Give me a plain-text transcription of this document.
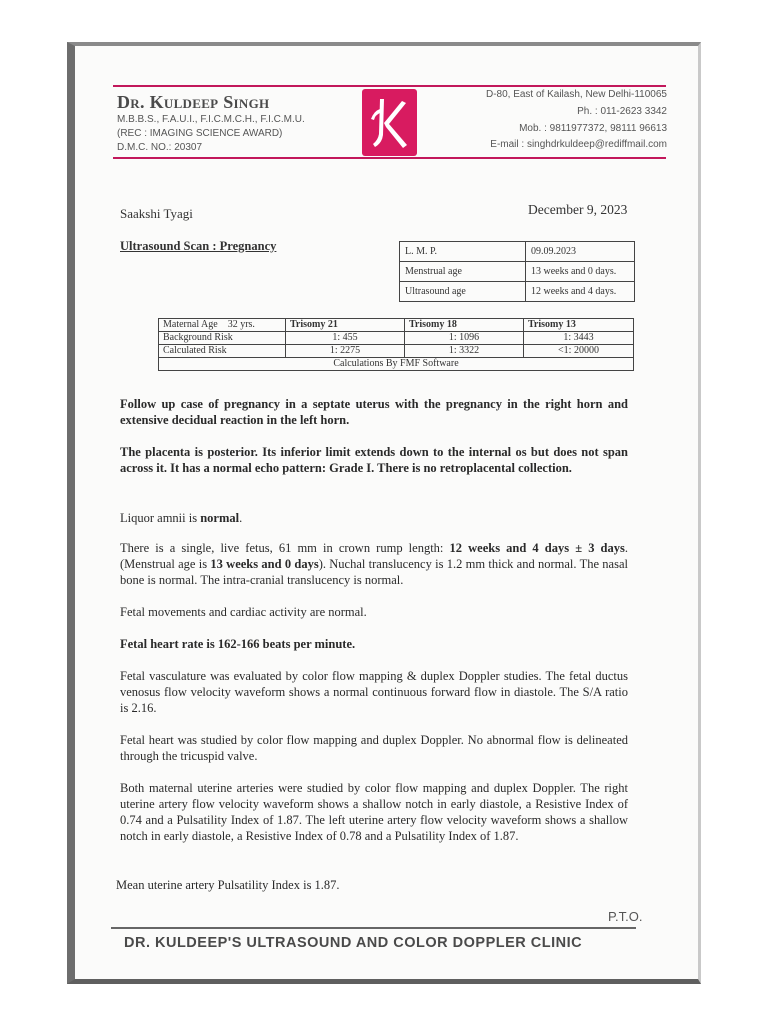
Dr. Kuldeep Singh
M.B.B.S., F.A.U.I., F.I.C.M.C.H., F.I.C.M.U.
(REC : IMAGING SCIENCE AWARD)
D.M.C. NO.: 20307
D-80, East of Kailash, New Delhi-110065
Ph. : 011-2623 3342
Mob. : 9811977372, 98111 96613
E-mail : singhdrkuldeep@rediffmail.com
Saakshi Tyagi	December 9, 2023
Ultrasound Scan : Pregnancy	L. M. P.	09.09.2023
Menstrual age	13 weeks and 0 days.
Ultrasound age	12 weeks and 4 days.
Maternal Age    32 yrs.	Trisomy 21	Trisomy 18	Trisomy 13
Background Risk	1: 455	1: 1096	1: 3443
Calculated Risk	1: 2275	1: 3322	<1: 20000
Calculations By FMF Software			
Follow up case of pregnancy in a septate uterus with the pregnancy in the right horn and extensive decidual reaction in the left horn.
The placenta is posterior. Its inferior limit extends down to the internal os but does not span across it. It has a normal echo pattern: Grade I. There is no retroplacental collection.
Liquor amnii is normal.
There is a single, live fetus, 61 mm in crown rump length: 12 weeks and 4 days ± 3 days. (Menstrual age is 13 weeks and 0 days). Nuchal translucency is 1.2 mm thick and normal. The nasal bone is normal. The intra-cranial translucency is normal.
Fetal movements and cardiac activity are normal.
Fetal heart rate is 162-166 beats per minute.
Fetal vasculature was evaluated by color flow mapping & duplex Doppler studies. The fetal ductus venosus flow velocity waveform shows a normal continuous forward flow in diastole. The S/A ratio is 2.16.
Fetal heart was studied by color flow mapping and duplex Doppler. No abnormal flow is delineated through the tricuspid valve.
Both maternal uterine arteries were studied by color flow mapping and duplex Doppler. The right uterine artery flow velocity waveform shows a shallow notch in early diastole, a Resistive Index of 0.74 and a Pulsatility Index of 1.87. The left uterine artery flow velocity waveform shows a shallow notch in early diastole, a Resistive Index of 0.78 and a Pulsatility Index of 1.87.
Mean uterine artery Pulsatility Index is 1.87.
P.T.O.
DR. KULDEEP'S ULTRASOUND AND COLOR DOPPLER CLINIC
